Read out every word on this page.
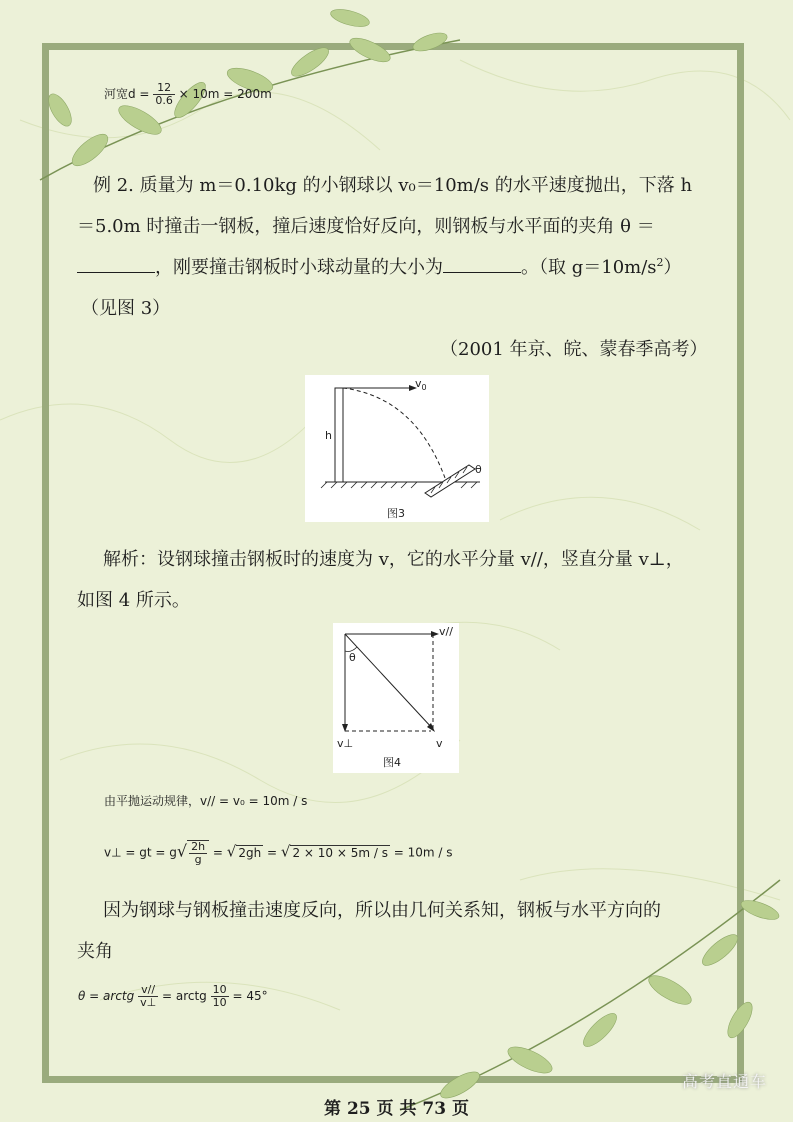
河宽$d = \frac{12}{0.6} \times 10m = 200m$
例 2. 质量为 m＝0.10kg 的小钢球以 v₀＝10m/s 的水平速度抛出，下落 h
＝5.0m 时撞击一钢板，撞后速度恰好反向，则钢板与水平面的夹角 θ ＝
，刚要撞击钢板时小球动量的大小为	。（取 $g=10m/s^2$）
（见图 3）
（2001 年京、皖、蒙春季高考）
$v_0$
h
θ
图3
解析：设钢球撞击钢板时的速度为 v，它的水平分量 v//，竖直分量 v⊥，
如图 4 所示。
v//
θ
v⊥	v
图4
由平抛运动规律，v// = v₀ = 10m / s
v⊥ = gt = $g√ \frac{2h}{g}$ = √ 2gh = √ 2 × 10 × 5m / s = 10m / s
因为钢球与钢板撞击速度反向，所以由几何关系知，钢板与水平方向的
夹角
θ = arctg $\frac{v//}{v\perp}$ = arctg $\frac{10}{10} = 45^\circ$
高考直通车
第 25 页 共 73 页
